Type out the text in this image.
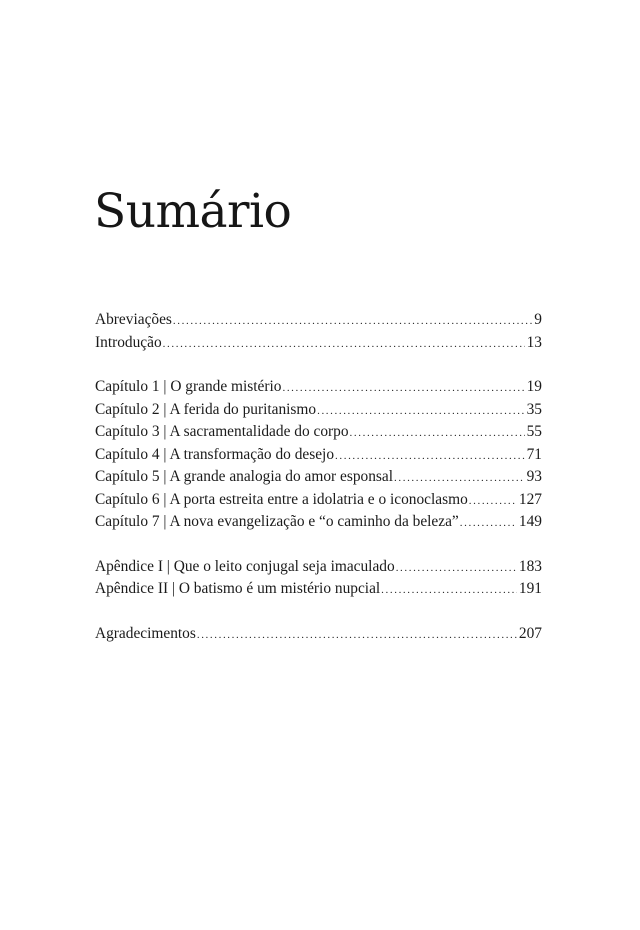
Sumário
Abreviações .....	9
Introdução .....	13
Capítulo 1 | O grande mistério .....	19
Capítulo 2 | A ferida do puritanismo .....	35
Capítulo 3 | A sacramentalidade do corpo .....	55
Capítulo 4 | A transformação do desejo .....	71
Capítulo 5 | A grande analogia do amor esponsal .....	93
Capítulo 6 | A porta estreita entre a idolatria e o iconoclasmo .....	127
Capítulo 7 | A nova evangelização e “o caminho da beleza” .....	149
Apêndice I | Que o leito conjugal seja imaculado .....	183
Apêndice II | O batismo é um mistério nupcial .....	191
Agradecimentos .....	207
